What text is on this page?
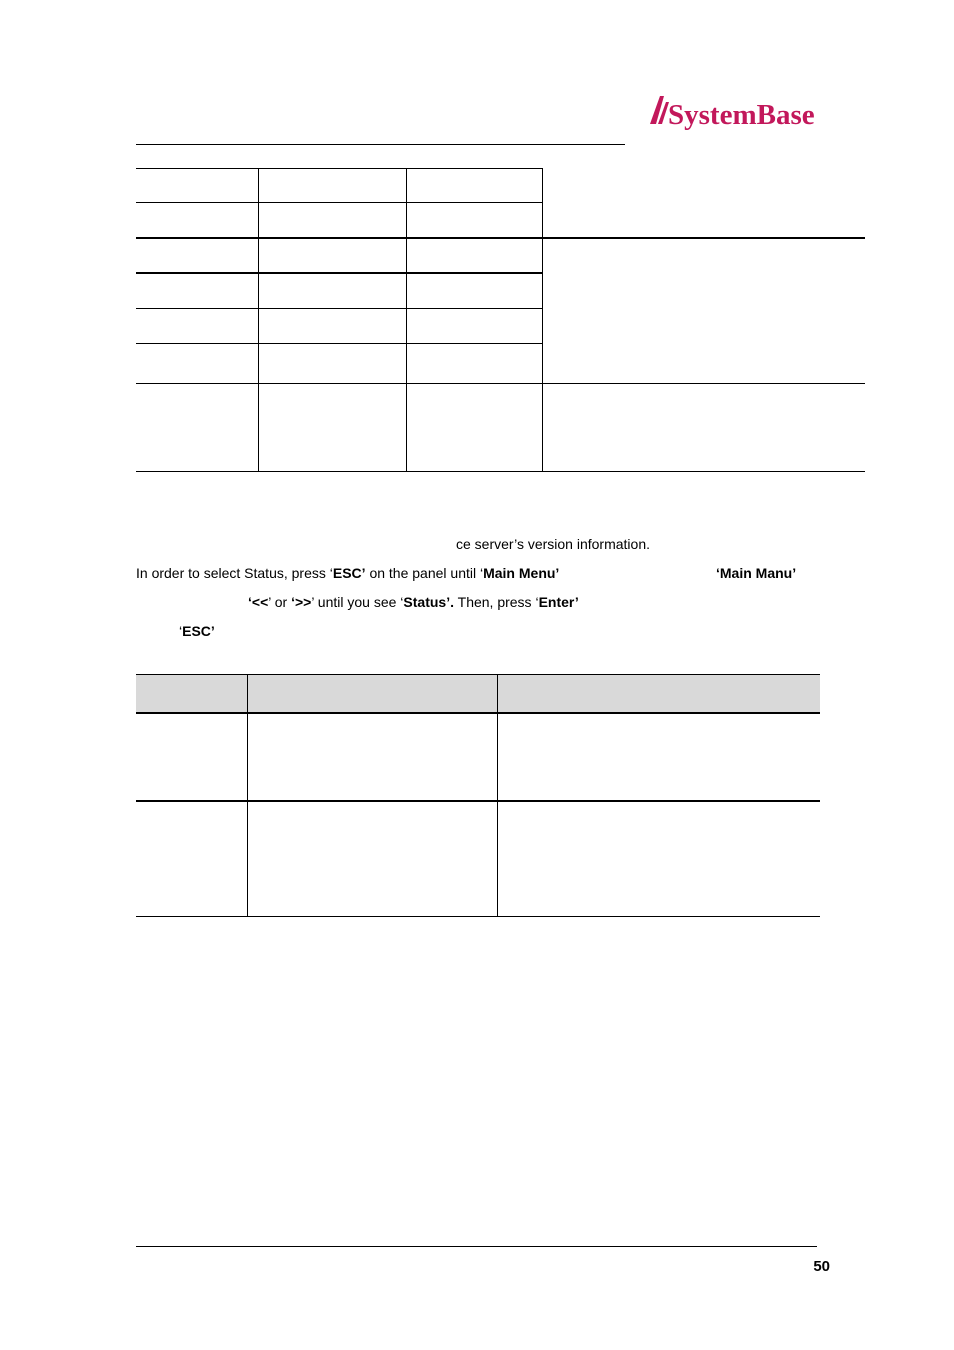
SystemBase
ce server’s version information.
In order to select Status, press ‘ESC’ on the panel until ‘Main Menu’	‘Main Manu’
‘<<’ or ‘>>’ until you see ‘Status’. Then, press ‘Enter’
‘ESC’
50
